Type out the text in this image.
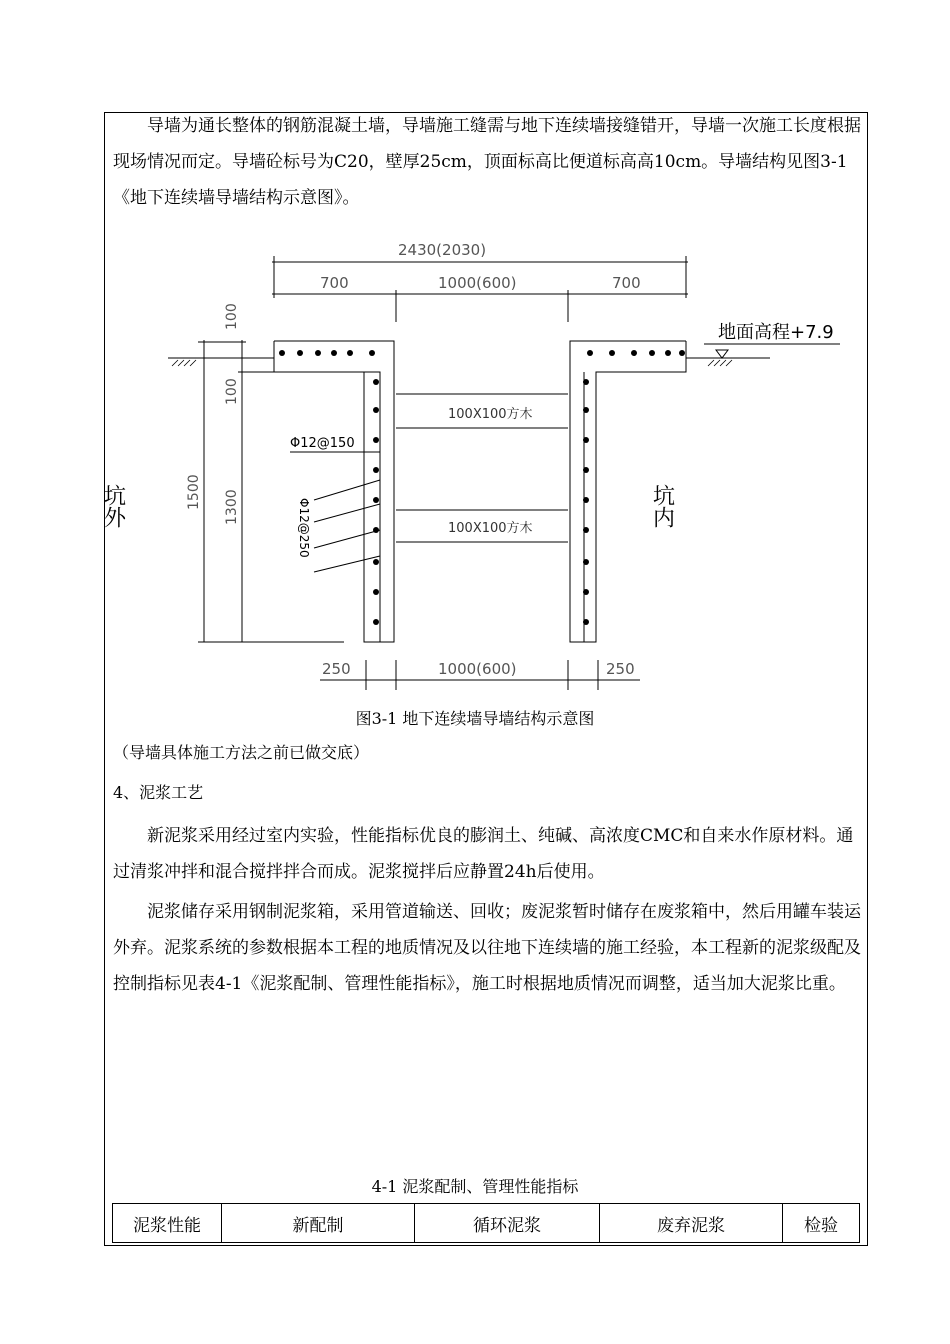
导墙为通长整体的钢筋混凝土墙，导墙施工缝需与地下连续墙接缝错开，导墙一次施工长度根据现场情况而定。导墙砼标号为C20，壁厚25cm，顶面标高比便道标高高10cm。导墙结构见图3-1《地下连续墙导墙结构示意图》。
2430(2030)
700	1000(600)	700
250	1000(600)	250
100
100
1500 1300
地面高程+7.9
100X100方木
100X100方木
Φ12@150
Φ12@250
坑外	坑内
图3-1 地下连续墙导墙结构示意图
（导墙具体施工方法之前已做交底）
4、泥浆工艺
新泥浆采用经过室内实验，性能指标优良的膨润土、纯碱、高浓度CMC和自来水作原材料。通过清浆冲拌和混合搅拌拌合而成。泥浆搅拌后应静置24h后使用。
泥浆储存采用钢制泥浆箱，采用管道输送、回收；废泥浆暂时储存在废浆箱中，然后用罐车装运外弃。泥浆系统的参数根据本工程的地质情况及以往地下连续墙的施工经验，本工程新的泥浆级配及控制指标见表4-1《泥浆配制、管理性能指标》，施工时根据地质情况而调整，适当加大泥浆比重。
4-1 泥浆配制、管理性能指标
泥浆性能	新配制	循环泥浆	废弃泥浆	检验
